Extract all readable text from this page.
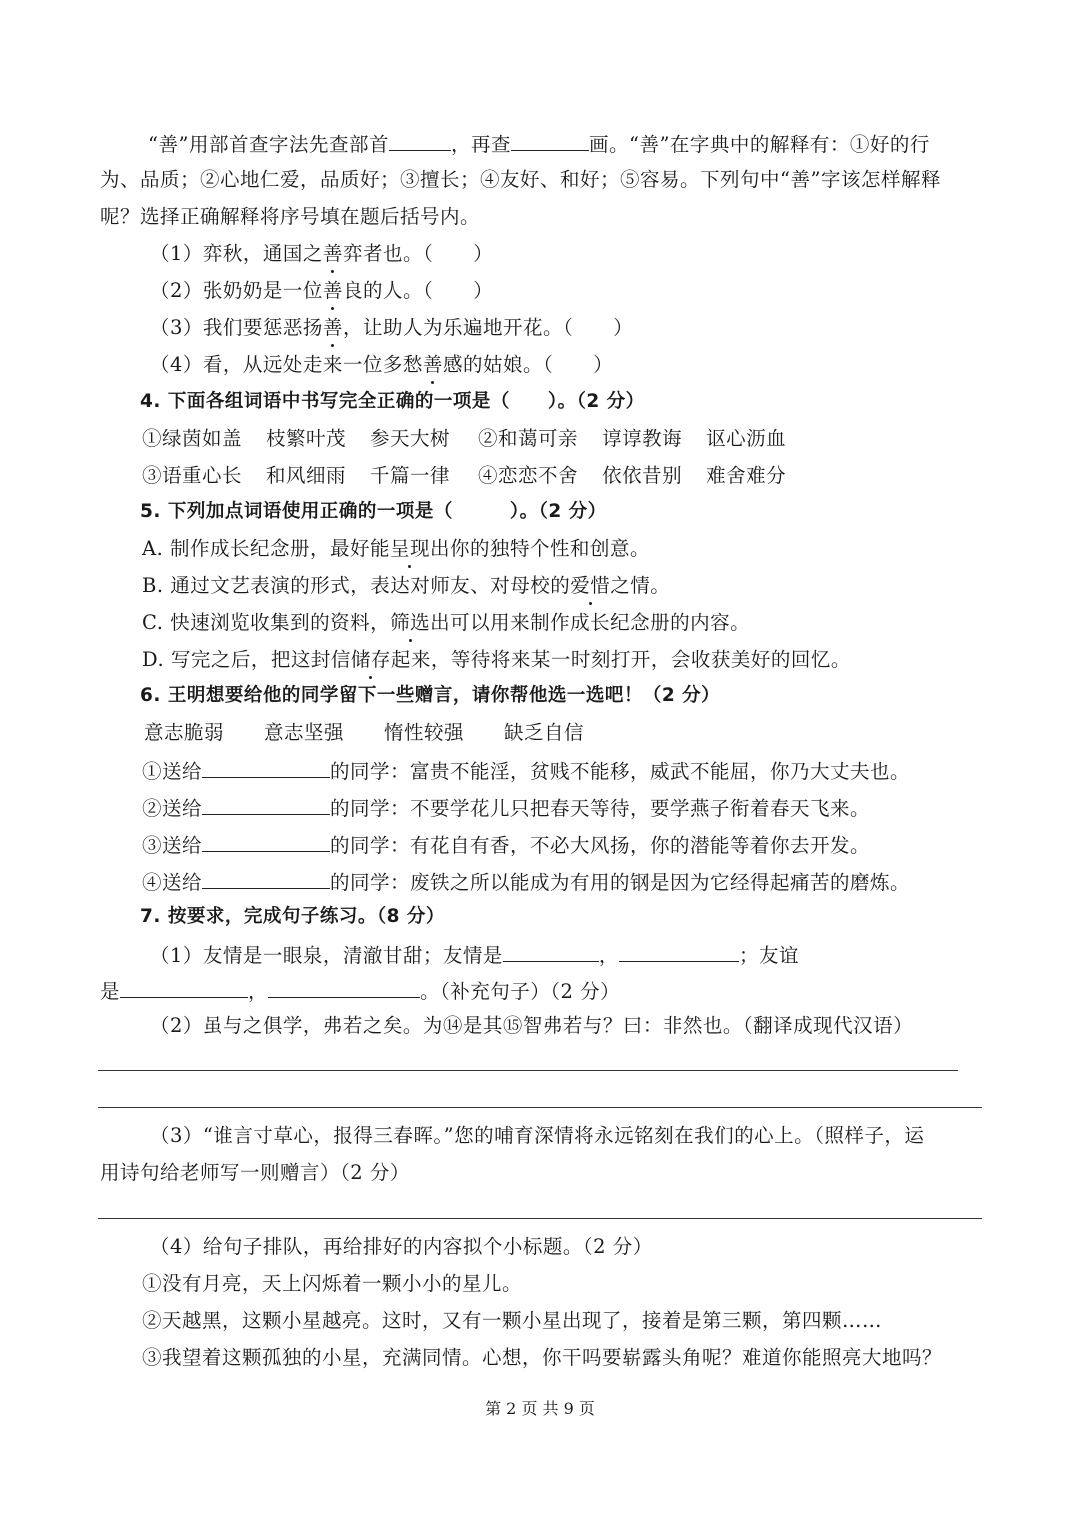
“善”用部首查字法先查部首	，再查	画。“善”在字典中的解释有：①好的行
为、品质；②心地仁爱，品质好；③擅长；④友好、和好；⑤容易。下列句中“善”字该怎样解释
呢？选择正确解释将序号填在题后括号内。
（1）弈秋，通国之善弈者也。（　　）
（2）张奶奶是一位善良的人。（　　）
（3）我们要惩恶扬善，让助人为乐遍地开花。（　　）
（4）看，从远处走来一位多愁善感的姑娘。（　　）
4. 下面各组词语中书写完全正确的一项是（　　）。（2 分）
①绿茵如盖 枝繁叶茂 参天大树 ②和蔼可亲 谆谆教诲 讴心沥血
③语重心长 和风细雨 千篇一律 ④恋恋不舍 依依昔别 难舍难分
5. 下列加点词语使用正确的一项是（　　　）。（2 分）
A. 制作成长纪念册，最好能呈现出你的独特个性和创意。
B. 通过文艺表演的形式，表达对师友、对母校的爱惜之情。
C. 快速浏览收集到的资料，筛选出可以用来制作成长纪念册的内容。
D. 写完之后，把这封信储存起来，等待将来某一时刻打开，会收获美好的回忆。
6. 王明想要给他的同学留下一些赠言，请你帮他选一选吧！（2 分）
意志脆弱 意志坚强 惰性较强 缺乏自信
①送给	的同学：富贵不能淫，贫贱不能移，威武不能屈，你乃大丈夫也。
②送给	的同学：不要学花儿只把春天等待，要学燕子衔着春天飞来。
③送给	的同学：有花自有香，不必大风扬，你的潜能等着你去开发。
④送给	的同学：废铁之所以能成为有用的钢是因为它经得起痛苦的磨炼。
7. 按要求，完成句子练习。（8 分）
（1）友情是一眼泉，清澈甘甜；友情是	，	；友谊
是	，	。（补充句子）（2 分）
（2）虽与之俱学，弗若之矣。为⑭是其⑮智弗若与？曰：非然也。（翻译成现代汉语）
（3）“谁言寸草心，报得三春晖。”您的哺育深情将永远铭刻在我们的心上。（照样子，运
用诗句给老师写一则赠言）（2 分）
（4）给句子排队，再给排好的内容拟个小标题。（2 分）
①没有月亮，天上闪烁着一颗小小的星儿。
②天越黑，这颗小星越亮。这时，又有一颗小星出现了，接着是第三颗，第四颗……
③我望着这颗孤独的小星，充满同情。心想，你干吗要崭露头角呢？难道你能照亮大地吗？
第 2 页 共 9 页
